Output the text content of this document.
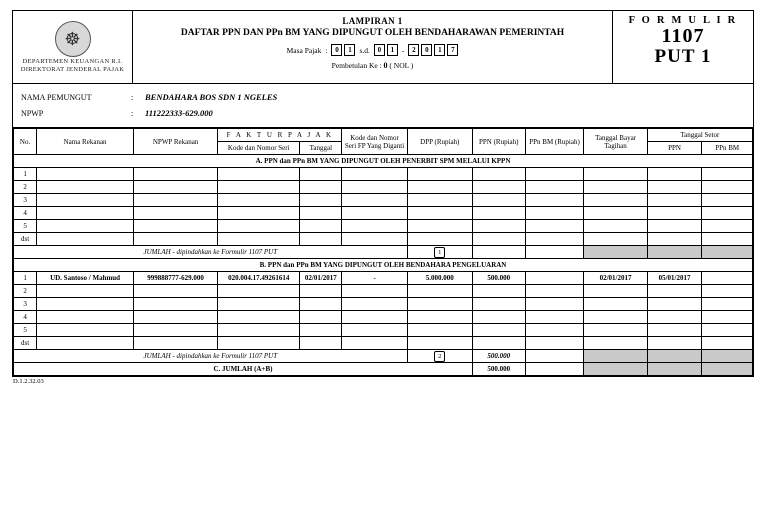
☸
DEPARTEMEN KEUANGAN R.I.
DIREKTORAT JENDERAL PAJAK
LAMPIRAN 1
DAFTAR PPN DAN PPn BM YANG DIPUNGUT OLEH BENDAHARAWAN PEMERINTAH
Masa Pajak :	0	1	s.d.	0	1	-	2	0	1	7
Pembetulan Ke : 0 ( NOL )
F O R M U L I R
1107
PUT 1
NAMA PEMUNGUT	:	BENDAHARA BOS SDN 1 NGELES
NPWP	:	111222333-629.000
No.	Nama Rekanan	NPWP Rekanan	F A K T U R P A J A K		Kode dan Nomor Seri FP Yang Diganti	DPP (Rupiah)	PPN (Rupiah)	PPn BM (Rupiah)	Tanggal Bayar Tagihan	Tanggal Setor	
			Kode dan Nomor Seri	Tanggal						PPN	PPn BM
A. PPN dan PPn BM YANG DIPUNGUT OLEH PENERBIT SPM MELALUI KPPN											
1											
2											
3											
4											
5											
dst											
JUMLAH - dipindahkan ke Formulir 1107 PUT						1					
B. PPN dan PPn BM YANG DIPUNGUT OLEH BENDAHARA PENGELUARAN											
1	UD. Santoso / Mahmud	999888777-629.000	020.004.17.49261614	02/01/2017	-	5.000.000	500.000		02/01/2017	05/01/2017	
2											
3											
4											
5											
dst											
JUMLAH - dipindahkan ke Formulir 1107 PUT						2	500.000				
C. JUMLAH (A+B)							500.000				
D.1.2.32.03
